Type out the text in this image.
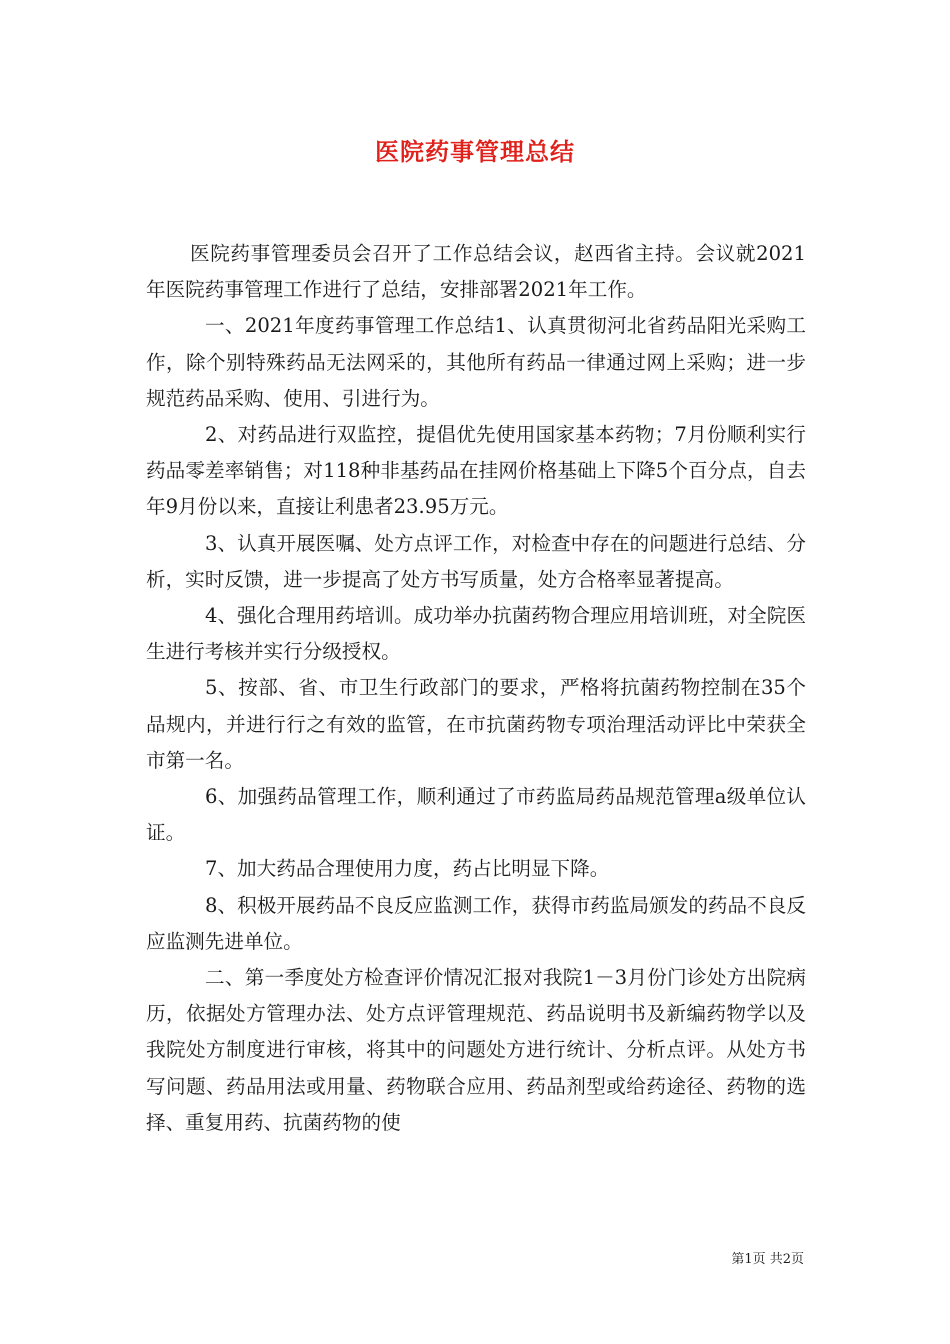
医院药事管理总结

医院药事管理委员会召开了工作总结会议，赵西省主持。会议就2021年医院药事管理工作进行了总结，安排部署2021年工作。

一、2021年度药事管理工作总结1、认真贯彻河北省药品阳光采购工作，除个别特殊药品无法网采的，其他所有药品一律通过网上采购；进一步规范药品采购、使用、引进行为。

2、对药品进行双监控，提倡优先使用国家基本药物；7月份顺利实行药品零差率销售；对118种非基药品在挂网价格基础上下降5个百分点，自去年9月份以来，直接让利患者23.95万元。

3、认真开展医嘱、处方点评工作，对检查中存在的问题进行总结、分析，实时反馈，进一步提高了处方书写质量，处方合格率显著提高。

4、强化合理用药培训。成功举办抗菌药物合理应用培训班，对全院医生进行考核并实行分级授权。

5、按部、省、市卫生行政部门的要求，严格将抗菌药物控制在35个品规内，并进行行之有效的监管，在市抗菌药物专项治理活动评比中荣获全市第一名。

6、加强药品管理工作，顺利通过了市药监局药品规范管理a级单位认证。

7、加大药品合理使用力度，药占比明显下降。

8、积极开展药品不良反应监测工作，获得市药监局颁发的药品不良反应监测先进单位。

二、第一季度处方检查评价情况汇报对我院1－3月份门诊处方出院病历，依据处方管理办法、处方点评管理规范、药品说明书及新编药物学以及我院处方制度进行审核，将其中的问题处方进行统计、分析点评。从处方书写问题、药品用法或用量、药物联合应用、药品剂型或给药途径、药物的选择、重复用药、抗菌药物的使

第1页 共2页
